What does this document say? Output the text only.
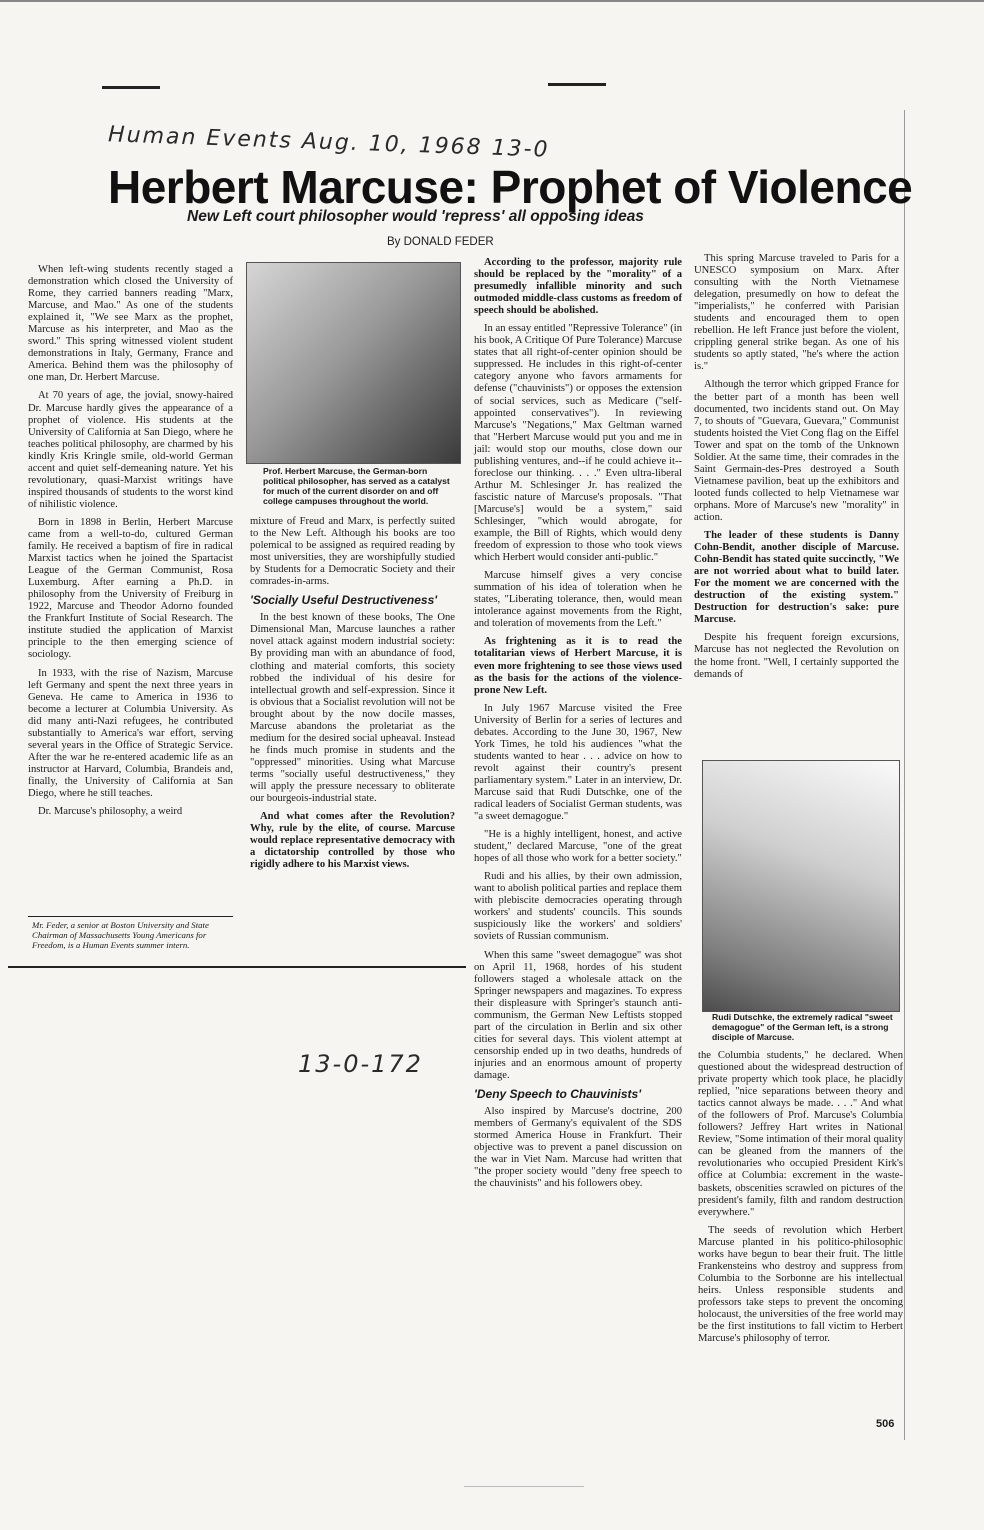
Human Events Aug. 10, 1968 13-0
13-0-172
Herbert Marcuse: Prophet of Violence
New Left court philosopher would 'repress' all opposing ideas
By DONALD FEDER

When left-wing students recently staged a demonstration which closed the University of Rome, they carried banners reading "Marx, Marcuse, and Mao." As one of the students explained it, "We see Marx as the prophet, Marcuse as his interpreter, and Mao as the sword." This spring witnessed violent student demonstrations in Italy, Germany, France and America. Behind them was the philosophy of one man, Dr. Herbert Marcuse.

At 70 years of age, the jovial, snowy-haired Dr. Marcuse hardly gives the appearance of a prophet of violence. His students at the University of California at San Diego, where he teaches political philosophy, are charmed by his kindly Kris Kringle smile, old-world German accent and quiet self-demeaning nature. Yet his revolutionary, quasi-Marxist writings have inspired thousands of students to the worst kind of nihilistic violence.

Born in 1898 in Berlin, Herbert Marcuse came from a well-to-do, cultured German family. He received a baptism of fire in radical Marxist tactics when he joined the Spartacist League of the German Communist, Rosa Luxemburg. After earning a Ph.D. in philosophy from the University of Freiburg in 1922, Marcuse and Theodor Adorno founded the Frankfurt Institute of Social Research. The institute studied the application of Marxist principle to the then emerging science of sociology.

In 1933, with the rise of Nazism, Marcuse left Germany and spent the next three years in Geneva. He came to America in 1936 to become a lecturer at Columbia University. As did many anti-Nazi refugees, he contributed substantially to America's war effort, serving several years in the Office of Strategic Service. After the war he re-entered academic life as an instructor at Harvard, Columbia, Brandeis and, finally, the University of California at San Diego, where he still teaches.

Dr. Marcuse's philosophy, a weird

Mr. Feder, a senior at Boston University and State Chairman of Massachusetts Young Americans for Freedom, is a Human Events summer intern.
Prof. Herbert Marcuse, the German-born political philosopher, has served as a catalyst for much of the current disorder on and off college campuses throughout the world.

mixture of Freud and Marx, is perfectly suited to the New Left. Although his books are too polemical to be assigned as required reading by most universities, they are worshipfully studied by Students for a Democratic Society and their comrades-in-arms.

'Socially Useful Destructiveness'

In the best known of these books, The One Dimensional Man, Marcuse launches a rather novel attack against modern industrial society: By providing man with an abundance of food, clothing and material comforts, this society robbed the individual of his desire for intellectual growth and self-expression. Since it is obvious that a Socialist revolution will not be brought about by the now docile masses, Marcuse abandons the proletariat as the medium for the desired social upheaval. Instead he finds much promise in students and the "oppressed" minorities. Using what Marcuse terms "socially useful destructiveness," they will apply the pressure necessary to obliterate our bourgeois-industrial state.

And what comes after the Revolution? Why, rule by the elite, of course. Marcuse would replace representative democracy with a dictatorship controlled by those who rigidly adhere to his Marxist views.

According to the professor, majority rule should be replaced by the "morality" of a presumedly infallible minority and such outmoded middle-class customs as freedom of speech should be abolished.

In an essay entitled "Repressive Tolerance" (in his book, A Critique Of Pure Tolerance) Marcuse states that all right-of-center opinion should be suppressed. He includes in this right-of-center category anyone who favors armaments for defense ("chauvinists") or opposes the extension of social services, such as Medicare ("self-appointed conservatives"). In reviewing Marcuse's "Negations," Max Geltman warned that "Herbert Marcuse would put you and me in jail: would stop our mouths, close down our publishing ventures, and--if he could achieve it--foreclose our thinking. . . ." Even ultra-liberal Arthur M. Schlesinger Jr. has realized the fascistic nature of Marcuse's proposals. "That [Marcuse's] would be a system," said Schlesinger, "which would abrogate, for example, the Bill of Rights, which would deny freedom of expression to those who took views which Herbert would consider anti-public."

Marcuse himself gives a very concise summation of his idea of toleration when he states, "Liberating tolerance, then, would mean intolerance against movements from the Right, and toleration of movements from the Left."

As frightening as it is to read the totalitarian views of Herbert Marcuse, it is even more frightening to see those views used as the basis for the actions of the violence-prone New Left.

In July 1967 Marcuse visited the Free University of Berlin for a series of lectures and debates. According to the June 30, 1967, New York Times, he told his audiences "what the students wanted to hear . . . advice on how to revolt against their country's present parliamentary system." Later in an interview, Dr. Marcuse said that Rudi Dutschke, one of the radical leaders of Socialist German students, was "a sweet demagogue."

"He is a highly intelligent, honest, and active student," declared Marcuse, "one of the great hopes of all those who work for a better society."

Rudi and his allies, by their own admission, want to abolish political parties and replace them with plebiscite democracies operating through workers' and students' councils. This sounds suspiciously like the workers' and soldiers' soviets of Russian communism.

When this same "sweet demagogue" was shot on April 11, 1968, hordes of his student followers staged a wholesale attack on the Springer newspapers and magazines. To express their displeasure with Springer's staunch anti-communism, the German New Leftists stopped part of the circulation in Berlin and six other cities for several days. This violent attempt at censorship ended up in two deaths, hundreds of injuries and an enormous amount of property damage.

'Deny Speech to Chauvinists'

Also inspired by Marcuse's doctrine, 200 members of Germany's equivalent of the SDS stormed America House in Frankfurt. Their objective was to prevent a panel discussion on the war in Viet Nam. Marcuse had written that "the proper society would "deny free speech to the chauvinists" and his followers obey.

This spring Marcuse traveled to Paris for a UNESCO symposium on Marx. After consulting with the North Vietnamese delegation, presumedly on how to defeat the "imperialists," he conferred with Parisian students and encouraged them to open rebellion. He left France just before the violent, crippling general strike began. As one of his students so aptly stated, "he's where the action is."

Although the terror which gripped France for the better part of a month has been well documented, two incidents stand out. On May 7, to shouts of "Guevara, Guevara," Communist students hoisted the Viet Cong flag on the Eiffel Tower and spat on the tomb of the Unknown Soldier. At the same time, their comrades in the Saint Germain-des-Pres destroyed a South Vietnamese pavilion, beat up the exhibitors and looted funds collected to help Vietnamese war orphans. More of Marcuse's new "morality" in action.

The leader of these students is Danny Cohn-Bendit, another disciple of Marcuse. Cohn-Bendit has stated quite succinctly, "We are not worried about what to build later. For the moment we are concerned with the destruction of the existing system." Destruction for destruction's sake: pure Marcuse.

Despite his frequent foreign excursions, Marcuse has not neglected the Revolution on the home front. "Well, I certainly supported the demands of

Rudi Dutschke, the extremely radical "sweet demagogue" of the German left, is a strong disciple of Marcuse.

the Columbia students," he declared. When questioned about the widespread destruction of private property which took place, he placidly replied, "nice separations between theory and tactics cannot always be made. . . ." And what of the followers of Prof. Marcuse's Columbia followers? Jeffrey Hart writes in National Review, "Some intimation of their moral quality can be gleaned from the manners of the revolutionaries who occupied President Kirk's office at Columbia: excrement in the waste-baskets, obscenities scrawled on pictures of the president's family, filth and random destruction everywhere."

The seeds of revolution which Herbert Marcuse planted in his politico-philosophic works have begun to bear their fruit. The little Frankensteins who destroy and suppress from Columbia to the Sorbonne are his intellectual heirs. Unless responsible students and professors take steps to prevent the oncoming holocaust, the universities of the free world may be the first institutions to fall victim to Herbert Marcuse's philosophy of terror.

506
